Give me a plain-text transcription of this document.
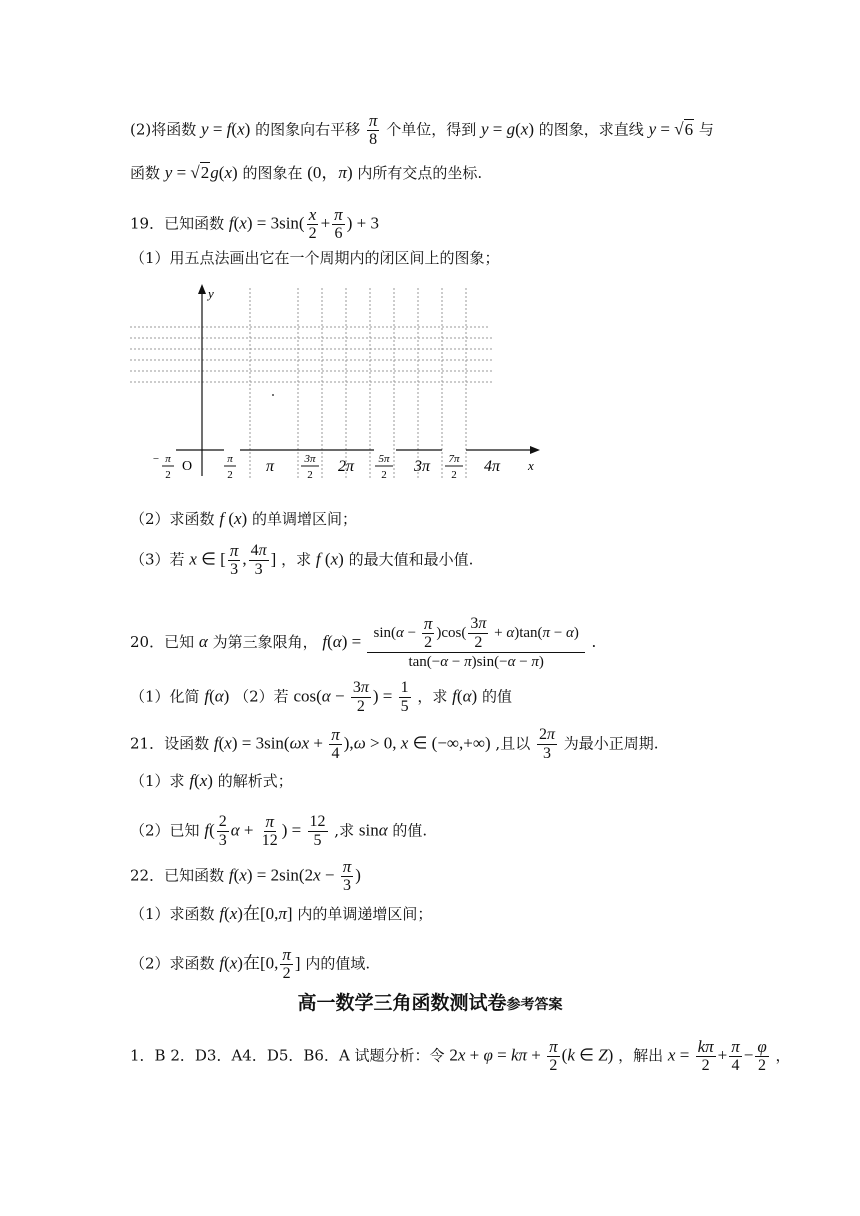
(2)将函数 y = f(x) 的图象向右平移 $\frac{\pi}{8}$ 个单位，得到 y = g(x) 的图象，求直线 y = √6 与
函数 y = √2g(x) 的图象在 (0，π) 内所有交点的坐标.
19．已知函数 $f(x) = 3\sin( \frac{x}{2} + \frac{\pi}{6}$ ) + 3
（1）用五点法画出它在一个周期内的闭区间上的图象；
y
x
O
− π
2
π
2
3π
2
5π
2
7π
2
π	2π	3π	4π
（2）求函数 f (x) 的单调增区间；
（3）若 x ∈ [ $\frac{\pi}{3}$ , $\frac{4\pi}{3}$ ] ，求 f (x) 的最大值和最小值.
20．已知 α 为第三象限角， $f(\alpha) = \frac{\sin(\alpha - \frac{\pi}{2} )\cos( \frac{3\pi}{2} + \alpha)\tan(\pi - \alpha)}{\tan(-\alpha - \pi)\sin(-\alpha - \pi)}$ .
（1）化简 f(α) （2）若 $\cos(\alpha - \frac{3\pi}{2}$ ) = $\frac{1}{5}$ ，求 f(α) 的值
21．设函数 $f(x) = 3\sin(\omega x + \frac{\pi}{4} ),\omega > 0$, x ∈ (−∞,+∞) ,且以 $\frac{2\pi}{3}$ 为最小正周期.
（1）求 f(x) 的解析式；
（2）已知 $f( \frac{2}{3}$ $\alpha + \frac{\pi}{12}$ ) = $\frac{12}{5}$ ,求 sinα 的值.
22．已知函数 $f(x) = 2\sin(2x - \frac{\pi}{3}$ )
（1）求函数 f(x)在[0,π] 内的单调递增区间；
（2）求函数 f(x)在[0, $\frac{\pi}{2}$ ] 内的值域.
高一数学三角函数测试卷参考答案
1．B 2．D3．A4．D5．B6．A 试题分析：令 $2x + \varphi = k\pi + \frac{\pi}{2} (k$ ∈ Z) ，解出 $x = \frac{k\pi}{2} + \frac{\pi}{4} - \frac{\varphi}{2}$ ，
